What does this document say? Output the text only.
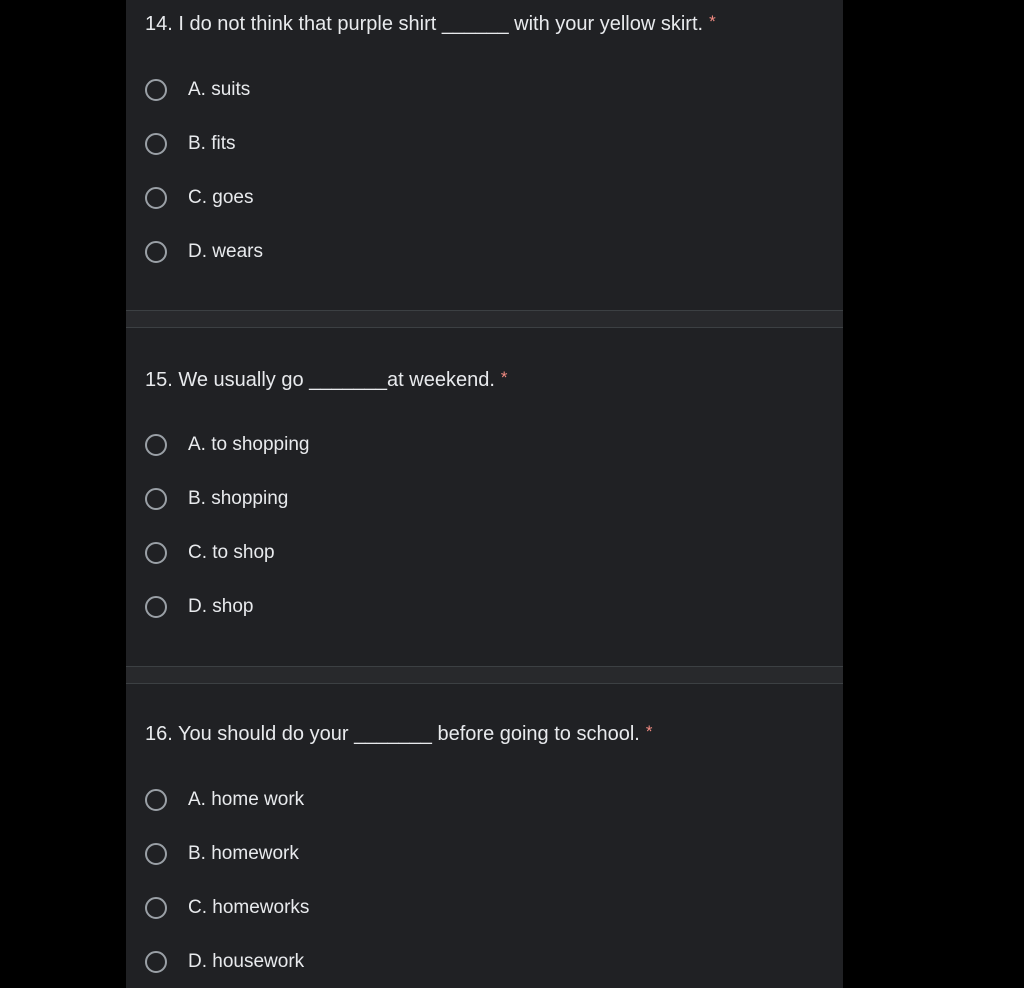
14. I do not think that purple shirt ______ with your yellow skirt. *
A. suits
B. fits
C. goes
D. wears
15. We usually go _______at weekend. *
A. to shopping
B. shopping
C. to shop
D. shop
16. You should do your _______ before going to school. *
A. home work
B. homework
C. homeworks
D. housework
